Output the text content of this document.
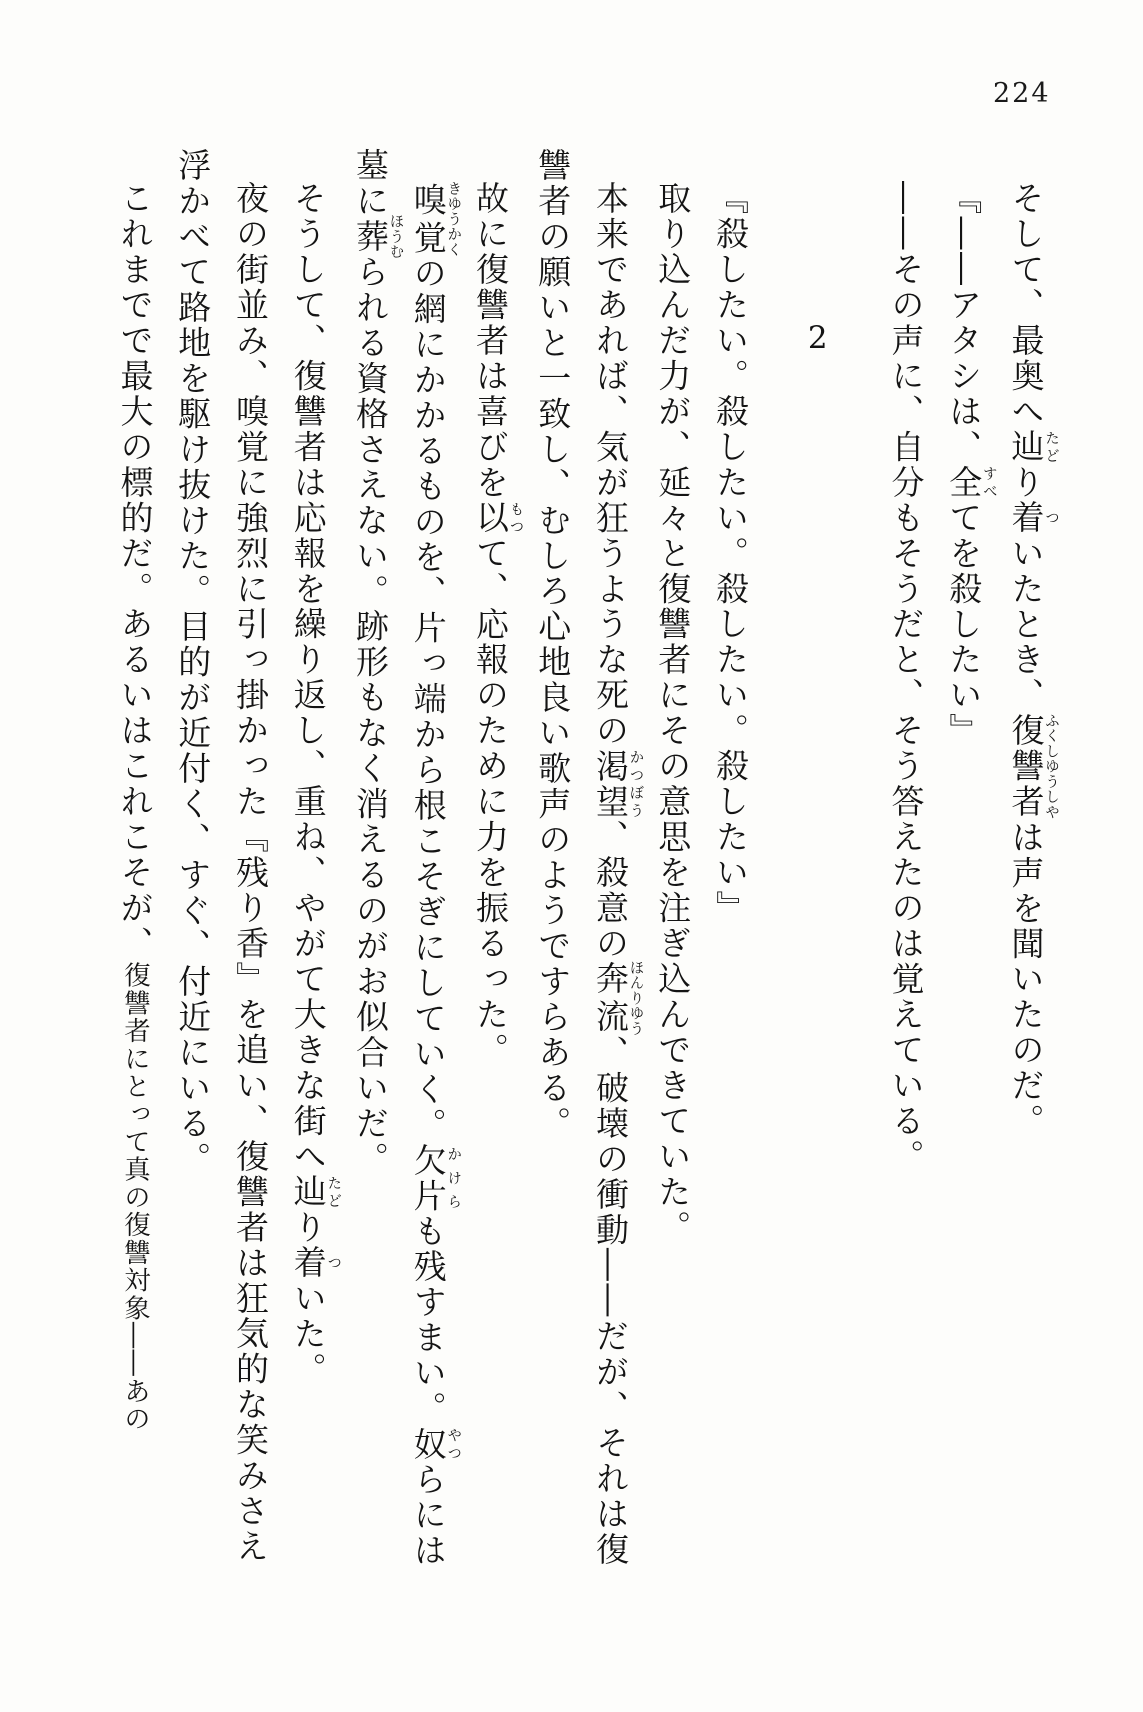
224
そして、最奥へ辿たどり着ついたとき、復讐者ふくしゆうしやは声を聞いたのだ。
『――アタシは、全すべてを殺したい』
――その声に、自分もそうだと、そう答えたのは覚えている。
2
『殺したい。殺したい。殺したい。殺したい』
取り込んだ力が、延々と復讐者にその意思を注ぎ込んできていた。
本来であれば、気が狂うような死の渇望かつぼう、殺意の奔流ほんりゆう、破壊の衝動――だが、それは復讐者の願いと一致し、むしろ心地良い歌声のようですらある。
故に復讐者は喜びを以もつて、応報のために力を振るった。
嗅覚きゆうかくの網にかかるものを、片っ端から根こそぎにしていく。欠片かけらも残すまい。奴やつらには墓に葬ほうむられる資格さえない。跡形もなく消えるのがお似合いだ。
そうして、復讐者は応報を繰り返し、重ね、やがて大きな街へ辿たどり着ついた。
夜の街並み、嗅覚に強烈に引っ掛かった『残り香』を追い、復讐者は狂気的な笑みさえ浮かべて路地を駆け抜けた。目的が近付く、すぐ、付近にいる。
これまでで最大の標的だ。あるいはこれこそが、復讐者にとって真の復讐対象――あの
